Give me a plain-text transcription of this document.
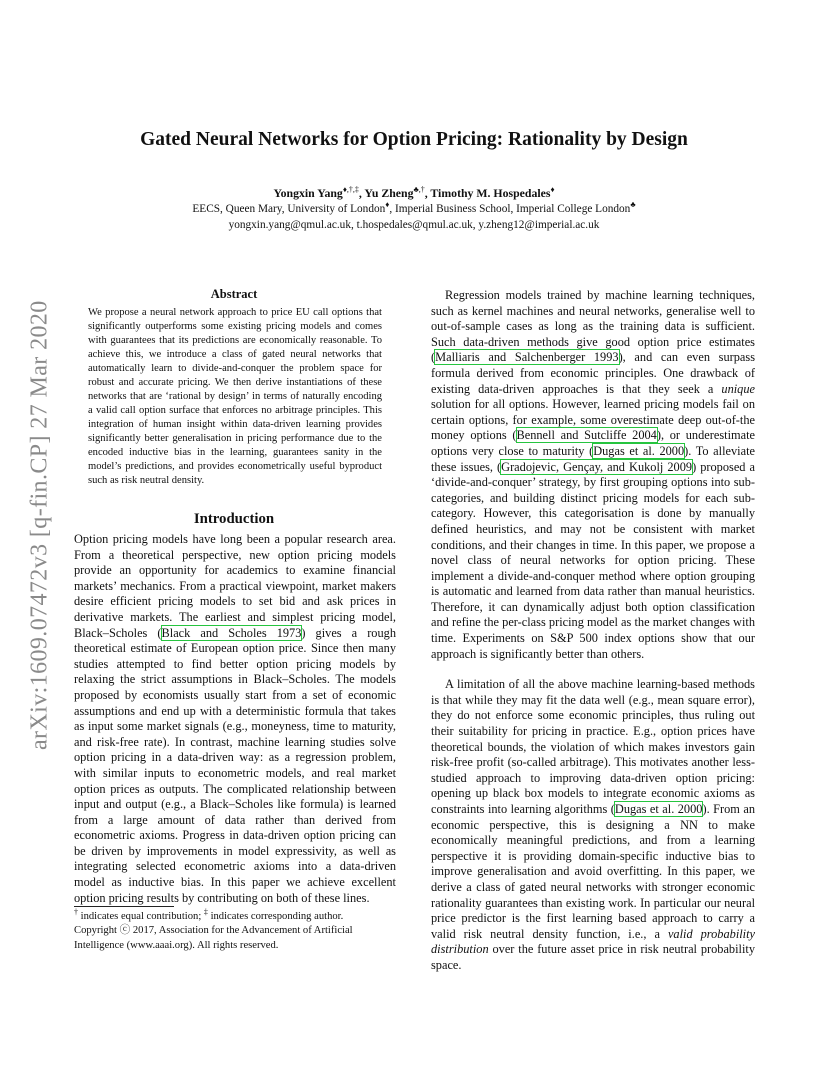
arXiv:1609.07472v3 [q-fin.CP] 27 Mar 2020
Gated Neural Networks for Option Pricing: Rationality by Design
Yongxin Yang♦,†,‡, Yu Zheng♣,†, Timothy M. Hospedales♦
EECS, Queen Mary, University of London♦, Imperial Business School, Imperial College London♣
yongxin.yang@qmul.ac.uk, t.hospedales@qmul.ac.uk, y.zheng12@imperial.ac.uk
Abstract

We propose a neural network approach to price EU call options that significantly outperforms some existing pricing models and comes with guarantees that its predictions are economically reasonable. To achieve this, we introduce a class of gated neural networks that automatically learn to divide-and-conquer the problem space for robust and accurate pricing. We then derive instantiations of these networks that are ‘rational by design’ in terms of naturally encoding a valid call option surface that enforces no arbitrage principles. This integration of human insight within data-driven learning provides significantly better generalisation in pricing performance due to the encoded inductive bias in the learning, guarantees sanity in the model’s predictions, and provides econometrically useful byproduct such as risk neutral density.

Introduction

Option pricing models have long been a popular research area. From a theoretical perspective, new option pricing models provide an opportunity for academics to examine financial markets’ mechanics. From a practical viewpoint, market makers desire efficient pricing models to set bid and ask prices in derivative markets. The earliest and simplest pricing model, Black–Scholes (Black and Scholes 1973) gives a rough theoretical estimate of European option price. Since then many studies attempted to find better option pricing models by relaxing the strict assumptions in Black–Scholes. The models proposed by economists usually start from a set of economic assumptions and end up with a deterministic formula that takes as input some market signals (e.g., moneyness, time to maturity, and risk-free rate). In contrast, machine learning studies solve option pricing in a data-driven way: as a regression problem, with similar inputs to econometric models, and real market option prices as outputs. The complicated relationship between input and output (e.g., a Black–Scholes like formula) is learned from a large amount of data rather than derived from econometric axioms. Progress in data-driven option pricing can be driven by improvements in model expressivity, as well as integrating selected econometric axioms into a data-driven model as inductive bias. In this paper we achieve excellent option pricing results by contributing on both of these lines.

Regression models trained by machine learning techniques, such as kernel machines and neural networks, generalise well to out-of-sample cases as long as the training data is sufficient. Such data-driven methods give good option price estimates (Malliaris and Salchenberger 1993), and can even surpass formula derived from economic principles. One drawback of existing data-driven approaches is that they seek a unique solution for all options. However, learned pricing models fail on certain options, for example, some overestimate deep out-of-the money options (Bennell and Sutcliffe 2004), or underestimate options very close to maturity (Dugas et al. 2000). To alleviate these issues, (Gradojevic, Gençay, and Kukolj 2009) proposed a ‘divide-and-conquer’ strategy, by first grouping options into sub-categories, and building distinct pricing models for each sub-category. However, this categorisation is done by manually defined heuristics, and may not be consistent with market conditions, and their changes in time. In this paper, we propose a novel class of neural networks for option pricing. These implement a divide-and-conquer method where option grouping is automatic and learned from data rather than manual heuristics. Therefore, it can dynamically adjust both option classification and refine the per-class pricing model as the market changes with time. Experiments on S&P 500 index options show that our approach is significantly better than others.

A limitation of all the above machine learning-based methods is that while they may fit the data well (e.g., mean square error), they do not enforce some economic principles, thus ruling out their suitability for pricing in practice. E.g., option prices have theoretical bounds, the violation of which makes investors gain risk-free profit (so-called arbitrage). This motivates another less-studied approach to improving data-driven option pricing: opening up black box models to integrate economic axioms as constraints into learning algorithms (Dugas et al. 2000). From an economic perspective, this is designing a NN to make economically meaningful predictions, and from a learning perspective it is providing domain-specific inductive bias to improve generalisation and avoid overfitting. In this paper, we derive a class of gated neural networks with stronger economic rationality guarantees than existing work. In particular our neural price predictor is the first learning based approach to carry a valid risk neutral density function, i.e., a valid probability distribution over the future asset price in risk neutral probability space.

† indicates equal contribution; ‡ indicates corresponding author.
Copyright ⓒ 2017, Association for the Advancement of Artificial Intelligence (www.aaai.org). All rights reserved.
